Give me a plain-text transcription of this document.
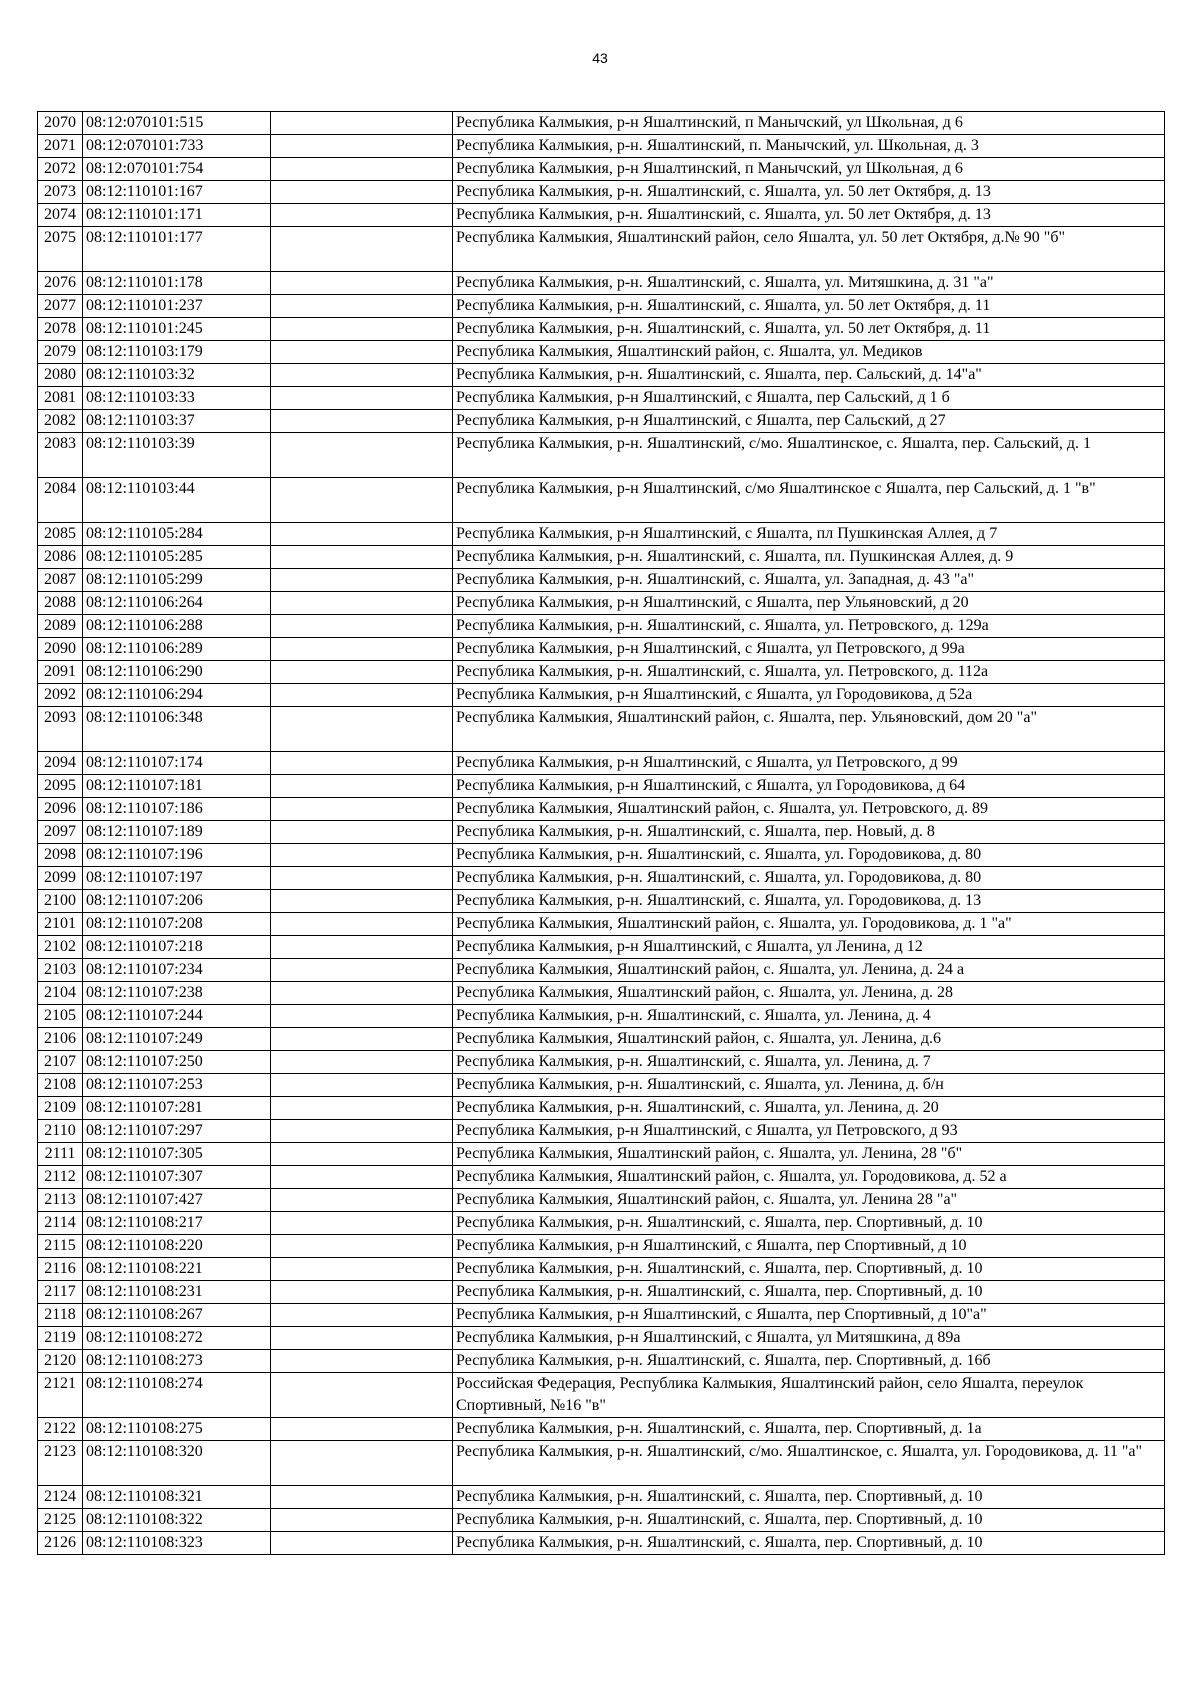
43
2070	08:12:070101:515		Республика Калмыкия, р-н Яшалтинский, п Манычский, ул Школьная, д 6
2071	08:12:070101:733		Республика Калмыкия, р-н. Яшалтинский, п. Манычский, ул. Школьная, д. 3
2072	08:12:070101:754		Республика Калмыкия, р-н Яшалтинский, п Манычский, ул Школьная, д 6
2073	08:12:110101:167		Республика Калмыкия, р-н. Яшалтинский, с. Яшалта, ул. 50 лет Октября, д. 13
2074	08:12:110101:171		Республика Калмыкия, р-н. Яшалтинский, с. Яшалта, ул. 50 лет Октября, д. 13
2075	08:12:110101:177		Республика Калмыкия, Яшалтинский район, село Яшалта, ул. 50 лет Октября, д.№ 90 "б"
2076	08:12:110101:178		Республика Калмыкия, р-н. Яшалтинский, с. Яшалта, ул. Митяшкина, д. 31 "а"
2077	08:12:110101:237		Республика Калмыкия, р-н. Яшалтинский, с. Яшалта, ул. 50 лет Октября, д. 11
2078	08:12:110101:245		Республика Калмыкия, р-н. Яшалтинский, с. Яшалта, ул. 50 лет Октября, д. 11
2079	08:12:110103:179		Республика Калмыкия, Яшалтинский район, с. Яшалта, ул. Медиков
2080	08:12:110103:32		Республика Калмыкия, р-н. Яшалтинский, с. Яшалта, пер. Сальский, д. 14"а"
2081	08:12:110103:33		Республика Калмыкия, р-н Яшалтинский, с Яшалта, пер Сальский, д 1 б
2082	08:12:110103:37		Республика Калмыкия, р-н Яшалтинский, с Яшалта, пер Сальский, д 27
2083	08:12:110103:39		Республика Калмыкия, р-н. Яшалтинский, с/мо. Яшалтинское, с. Яшалта, пер. Сальский, д. 1
2084	08:12:110103:44		Республика Калмыкия, р-н Яшалтинский, с/мо Яшалтинское с Яшалта, пер Сальский, д. 1 "в"
2085	08:12:110105:284		Республика Калмыкия, р-н Яшалтинский, с Яшалта, пл Пушкинская Аллея, д 7
2086	08:12:110105:285		Республика Калмыкия, р-н. Яшалтинский, с. Яшалта, пл. Пушкинская Аллея, д. 9
2087	08:12:110105:299		Республика Калмыкия, р-н. Яшалтинский, с. Яшалта, ул. Западная, д. 43 "а"
2088	08:12:110106:264		Республика Калмыкия, р-н Яшалтинский, с Яшалта, пер Ульяновский, д 20
2089	08:12:110106:288		Республика Калмыкия, р-н. Яшалтинский, с. Яшалта, ул. Петровского, д. 129а
2090	08:12:110106:289		Республика Калмыкия, р-н Яшалтинский, с Яшалта, ул Петровского, д 99а
2091	08:12:110106:290		Республика Калмыкия, р-н. Яшалтинский, с. Яшалта, ул. Петровского, д. 112а
2092	08:12:110106:294		Республика Калмыкия, р-н Яшалтинский, с Яшалта, ул Городовикова, д 52а
2093	08:12:110106:348		Республика Калмыкия, Яшалтинский район, с. Яшалта, пер. Ульяновский, дом 20 "а"
2094	08:12:110107:174		Республика Калмыкия, р-н Яшалтинский, с Яшалта, ул Петровского, д 99
2095	08:12:110107:181		Республика Калмыкия, р-н Яшалтинский, с Яшалта, ул Городовикова, д 64
2096	08:12:110107:186		Республика Калмыкия, Яшалтинский район, с. Яшалта, ул. Петровского, д. 89
2097	08:12:110107:189		Республика Калмыкия, р-н. Яшалтинский, с. Яшалта, пер. Новый, д. 8
2098	08:12:110107:196		Республика Калмыкия, р-н. Яшалтинский, с. Яшалта, ул. Городовикова, д. 80
2099	08:12:110107:197		Республика Калмыкия, р-н. Яшалтинский, с. Яшалта, ул. Городовикова, д. 80
2100	08:12:110107:206		Республика Калмыкия, р-н. Яшалтинский, с. Яшалта, ул. Городовикова, д. 13
2101	08:12:110107:208		Республика Калмыкия, Яшалтинский район, с. Яшалта, ул. Городовикова, д. 1 "а"
2102	08:12:110107:218		Республика Калмыкия, р-н Яшалтинский, с Яшалта, ул Ленина, д 12
2103	08:12:110107:234		Республика Калмыкия, Яшалтинский район, с. Яшалта, ул. Ленина, д. 24 а
2104	08:12:110107:238		Республика Калмыкия, Яшалтинский район, с. Яшалта, ул. Ленина, д. 28
2105	08:12:110107:244		Республика Калмыкия, р-н. Яшалтинский, с. Яшалта, ул. Ленина, д. 4
2106	08:12:110107:249		Республика Калмыкия, Яшалтинский район, с. Яшалта, ул. Ленина, д.6
2107	08:12:110107:250		Республика Калмыкия, р-н. Яшалтинский, с. Яшалта, ул. Ленина, д. 7
2108	08:12:110107:253		Республика Калмыкия, р-н. Яшалтинский, с. Яшалта, ул. Ленина, д. б/н
2109	08:12:110107:281		Республика Калмыкия, р-н. Яшалтинский, с. Яшалта, ул. Ленина, д. 20
2110	08:12:110107:297		Республика Калмыкия, р-н Яшалтинский, с Яшалта, ул Петровского, д 93
2111	08:12:110107:305		Республика Калмыкия, Яшалтинский район, с. Яшалта, ул. Ленина, 28 "б"
2112	08:12:110107:307		Республика Калмыкия, Яшалтинский район, с. Яшалта, ул. Городовикова, д. 52 а
2113	08:12:110107:427		Республика Калмыкия, Яшалтинский район, с. Яшалта, ул. Ленина 28 "а"
2114	08:12:110108:217		Республика Калмыкия, р-н. Яшалтинский, с. Яшалта, пер. Спортивный, д. 10
2115	08:12:110108:220		Республика Калмыкия, р-н Яшалтинский, с Яшалта, пер Спортивный, д 10
2116	08:12:110108:221		Республика Калмыкия, р-н. Яшалтинский, с. Яшалта, пер. Спортивный, д. 10
2117	08:12:110108:231		Республика Калмыкия, р-н. Яшалтинский, с. Яшалта, пер. Спортивный, д. 10
2118	08:12:110108:267		Республика Калмыкия, р-н Яшалтинский, с Яшалта, пер Спортивный, д 10"а"
2119	08:12:110108:272		Республика Калмыкия, р-н Яшалтинский, с Яшалта, ул Митяшкина, д 89а
2120	08:12:110108:273		Республика Калмыкия, р-н. Яшалтинский, с. Яшалта, пер. Спортивный, д. 16б
2121	08:12:110108:274		Российская Федерация, Республика Калмыкия, Яшалтинский район, село Яшалта, переулок Спортивный, №16 "в"
2122	08:12:110108:275		Республика Калмыкия, р-н. Яшалтинский, с. Яшалта, пер. Спортивный, д. 1а
2123	08:12:110108:320		Республика Калмыкия, р-н. Яшалтинский, с/мо. Яшалтинское, с. Яшалта, ул. Городовикова, д. 11 "а"
2124	08:12:110108:321		Республика Калмыкия, р-н. Яшалтинский, с. Яшалта, пер. Спортивный, д. 10
2125	08:12:110108:322		Республика Калмыкия, р-н. Яшалтинский, с. Яшалта, пер. Спортивный, д. 10
2126	08:12:110108:323		Республика Калмыкия, р-н. Яшалтинский, с. Яшалта, пер. Спортивный, д. 10
